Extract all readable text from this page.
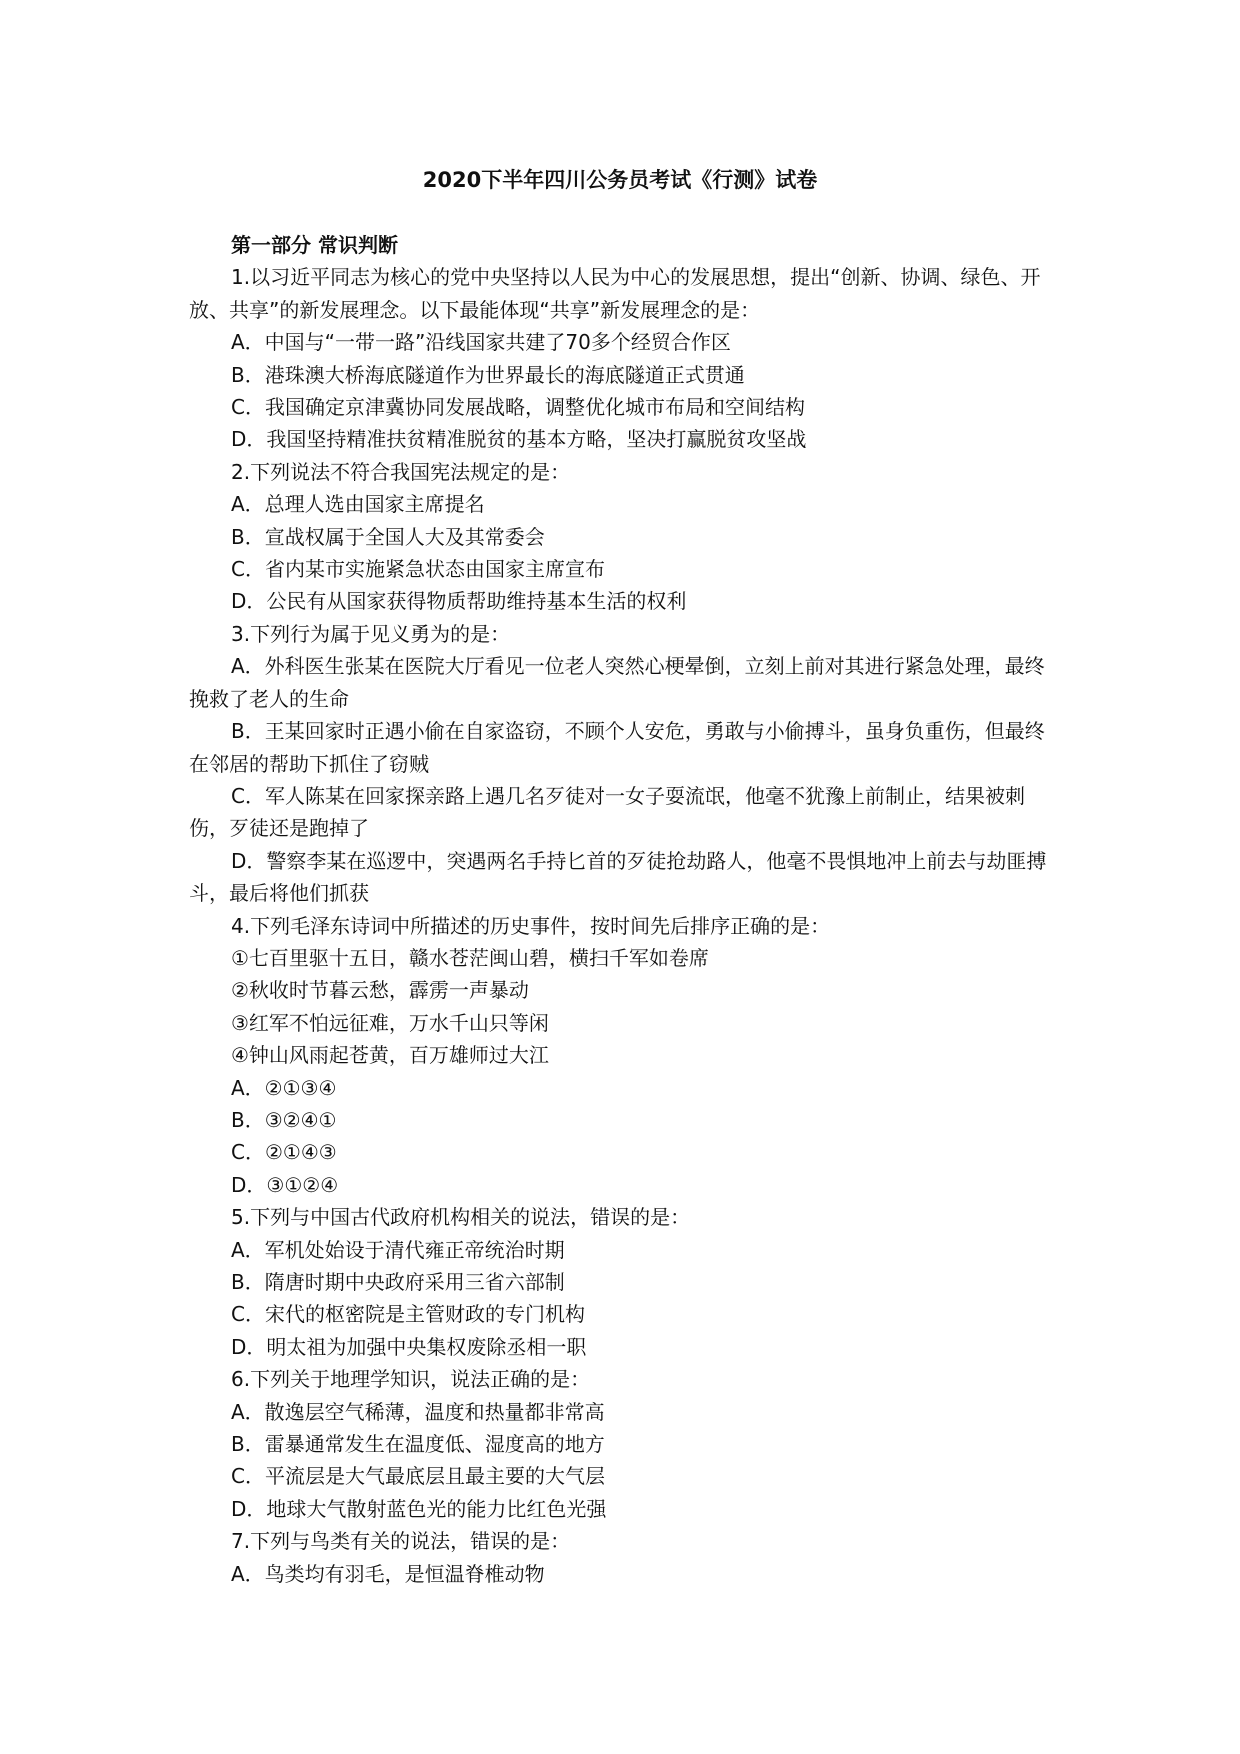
2020下半年四川公务员考试《行测》试卷

第一部分 常识判断

1.以习近平同志为核心的党中央坚持以人民为中心的发展思想，提出“创新、协调、绿色、开放、共享”的新发展理念。以下最能体现“共享”新发展理念的是：

A．中国与“一带一路”沿线国家共建了70多个经贸合作区

B．港珠澳大桥海底隧道作为世界最长的海底隧道正式贯通

C．我国确定京津冀协同发展战略，调整优化城市布局和空间结构

D．我国坚持精准扶贫精准脱贫的基本方略，坚决打赢脱贫攻坚战

2.下列说法不符合我国宪法规定的是：

A．总理人选由国家主席提名

B．宣战权属于全国人大及其常委会

C．省内某市实施紧急状态由国家主席宣布

D．公民有从国家获得物质帮助维持基本生活的权利

3.下列行为属于见义勇为的是：

A．外科医生张某在医院大厅看见一位老人突然心梗晕倒，立刻上前对其进行紧急处理，最终挽救了老人的生命

B．王某回家时正遇小偷在自家盗窃，不顾个人安危，勇敢与小偷搏斗，虽身负重伤，但最终在邻居的帮助下抓住了窃贼

C．军人陈某在回家探亲路上遇几名歹徒对一女子耍流氓，他毫不犹豫上前制止，结果被刺伤，歹徒还是跑掉了

D．警察李某在巡逻中，突遇两名手持匕首的歹徒抢劫路人，他毫不畏惧地冲上前去与劫匪搏斗，最后将他们抓获

4.下列毛泽东诗词中所描述的历史事件，按时间先后排序正确的是：

①七百里驱十五日，赣水苍茫闽山碧，横扫千军如卷席

②秋收时节暮云愁，霹雳一声暴动

③红军不怕远征难，万水千山只等闲

④钟山风雨起苍黄，百万雄师过大江

A．②①③④

B．③②④①

C．②①④③

D．③①②④

5.下列与中国古代政府机构相关的说法，错误的是：

A．军机处始设于清代雍正帝统治时期

B．隋唐时期中央政府采用三省六部制

C．宋代的枢密院是主管财政的专门机构

D．明太祖为加强中央集权废除丞相一职

6.下列关于地理学知识，说法正确的是：

A．散逸层空气稀薄，温度和热量都非常高

B．雷暴通常发生在温度低、湿度高的地方

C．平流层是大气最底层且最主要的大气层

D．地球大气散射蓝色光的能力比红色光强

7.下列与鸟类有关的说法，错误的是：

A．鸟类均有羽毛，是恒温脊椎动物
